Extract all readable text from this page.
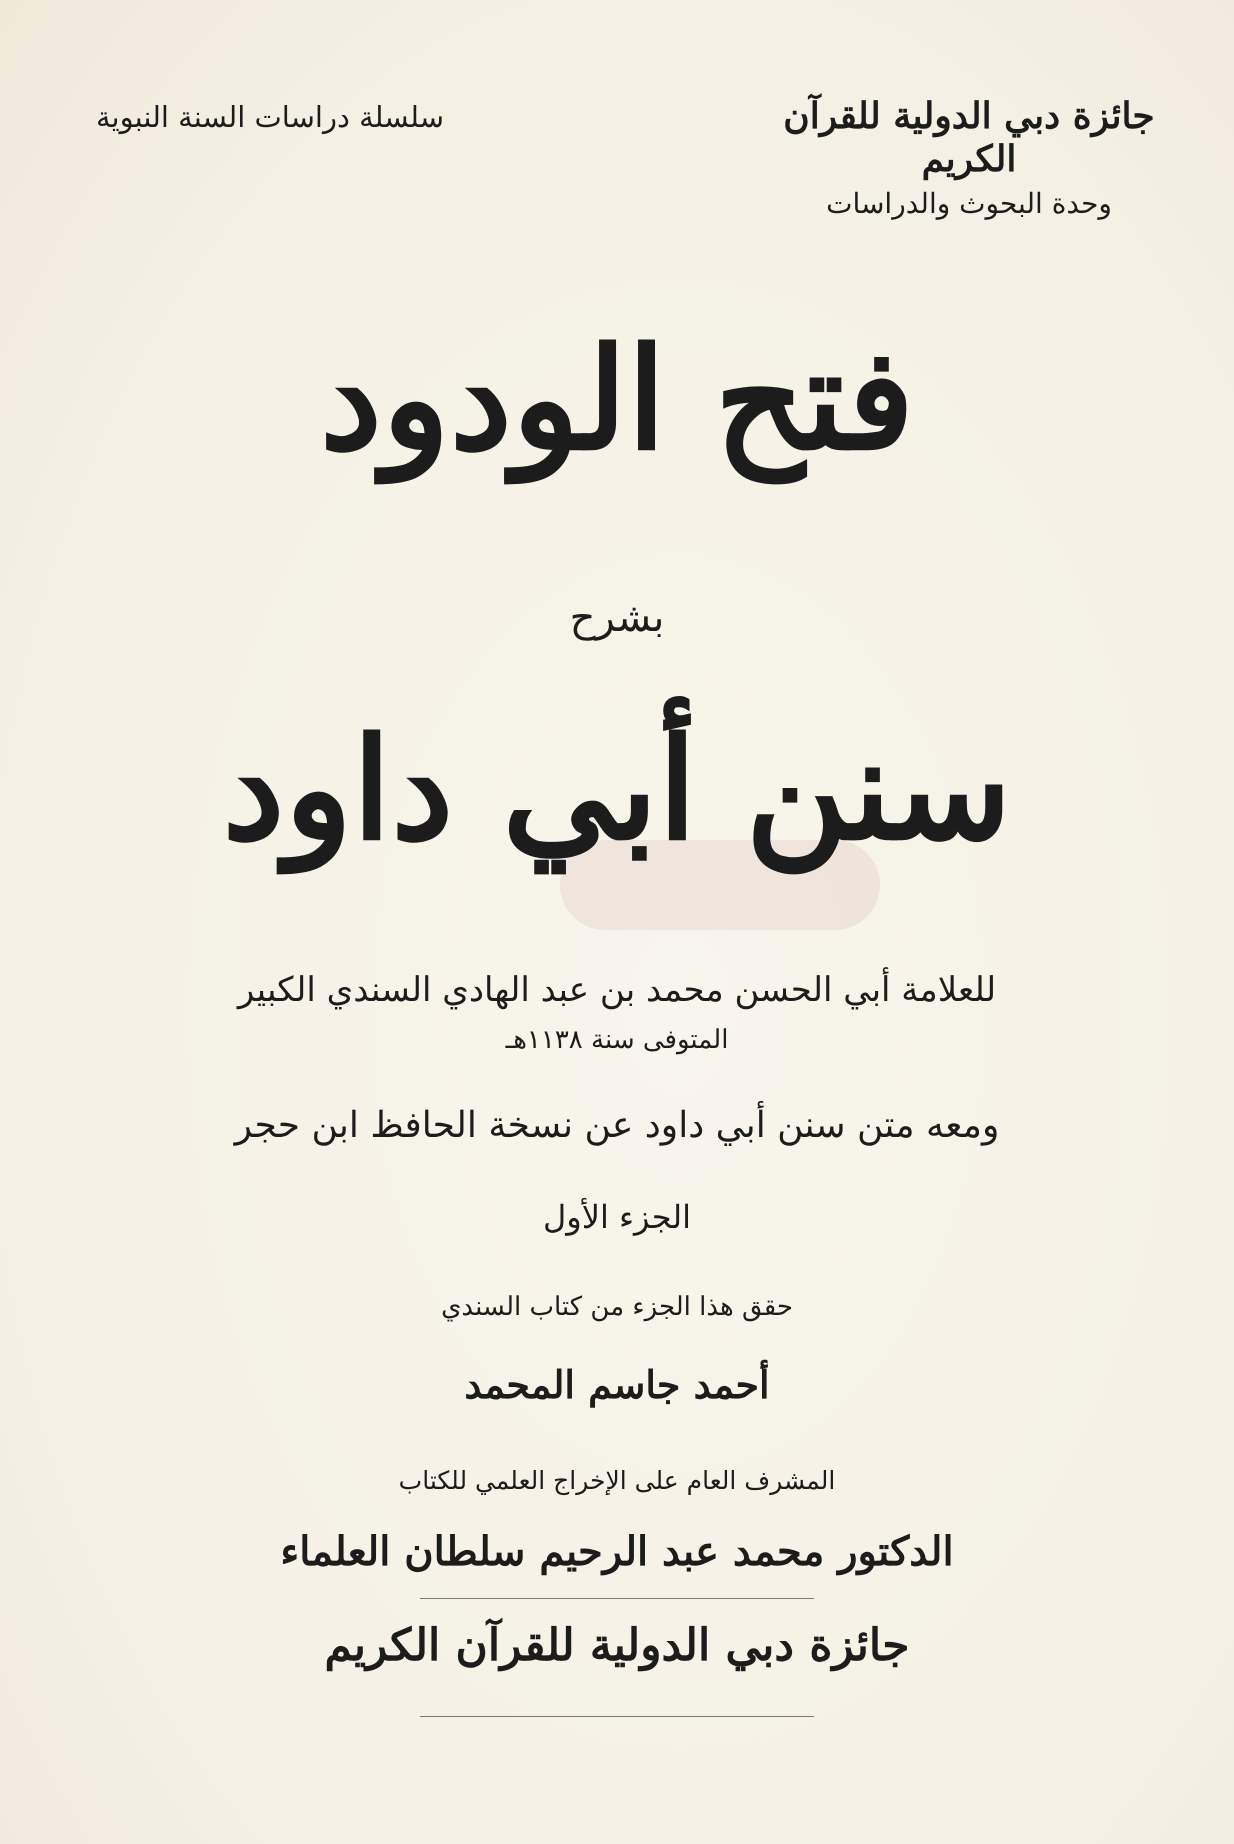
جائزة دبي الدولية للقرآن الكريم
وحدة البحوث والدراسات
سلسلة دراسات السنة النبوية
فتح الودود
بشرح
سنن أبي داود
للعلامة أبي الحسن محمد بن عبد الهادي السندي الكبير
المتوفى سنة ١١٣٨هـ
ومعه متن سنن أبي داود عن نسخة الحافظ ابن حجر
الجزء الأول
حقق هذا الجزء من كتاب السندي
أحمد جاسم المحمد
المشرف العام على الإخراج العلمي للكتاب
الدكتور محمد عبد الرحيم سلطان العلماء
جائزة دبي الدولية للقرآن الكريم
